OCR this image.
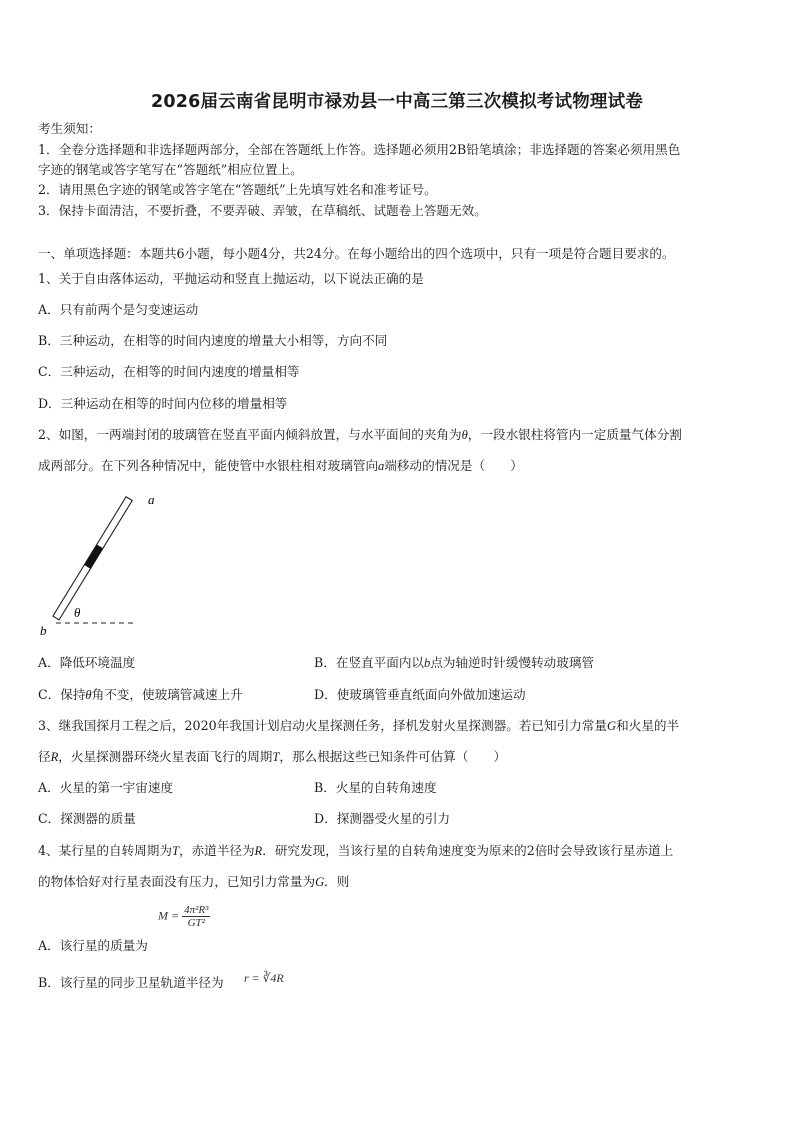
2026届云南省昆明市禄劝县一中高三第三次模拟考试物理试卷
考生须知：
1．全卷分选择题和非选择题两部分，全部在答题纸上作答。选择题必须用2B铅笔填涂；非选择题的答案必须用黑色
字迹的钢笔或答字笔写在“答题纸”相应位置上。
2．请用黑色字迹的钢笔或答字笔在“答题纸”上先填写姓名和准考证号。
3．保持卡面清洁，不要折叠，不要弄破、弄皱，在草稿纸、试题卷上答题无效。
一、单项选择题：本题共6小题，每小题4分，共24分。在每小题给出的四个选项中，只有一项是符合题目要求的。
1、关于自由落体运动，平抛运动和竖直上抛运动，以下说法正确的是
A．只有前两个是匀变速运动
B．三种运动，在相等的时间内速度的增量大小相等，方向不同
C．三种运动，在相等的时间内速度的增量相等
D．三种运动在相等的时间内位移的增量相等
2、如图，一两端封闭的玻璃管在竖直平面内倾斜放置，与水平面间的夹角为θ，一段水银柱将管内一定质量气体分割
成两部分。在下列各种情况中，能使管中水银柱相对玻璃管向a端移动的情况是（　　）
a
b
θ
A．降低环境温度	B．在竖直平面内以b点为轴逆时针缓慢转动玻璃管
C．保持θ角不变，使玻璃管减速上升	D．使玻璃管垂直纸面向外做加速运动
3、继我国探月工程之后，2020年我国计划启动火星探测任务，择机发射火星探测器。若已知引力常量G和火星的半
径R，火星探测器环绕火星表面飞行的周期T，那么根据这些已知条件可估算（　　）
A．火星的第一宇宙速度	B．火星的自转角速度
C．探测器的质量	D．探测器受火星的引力
4、某行星的自转周期为T，赤道半径为R．研究发现，当该行星的自转角速度变为原来的2倍时会导致该行星赤道上
的物体恰好对行星表面没有压力，已知引力常量为G．则
A．该行星的质量为
$M = \frac{\text{4π²R³}}{\text{GT²}}$
B．该行星的同步卫星轨道半径为 r = ∛4R
